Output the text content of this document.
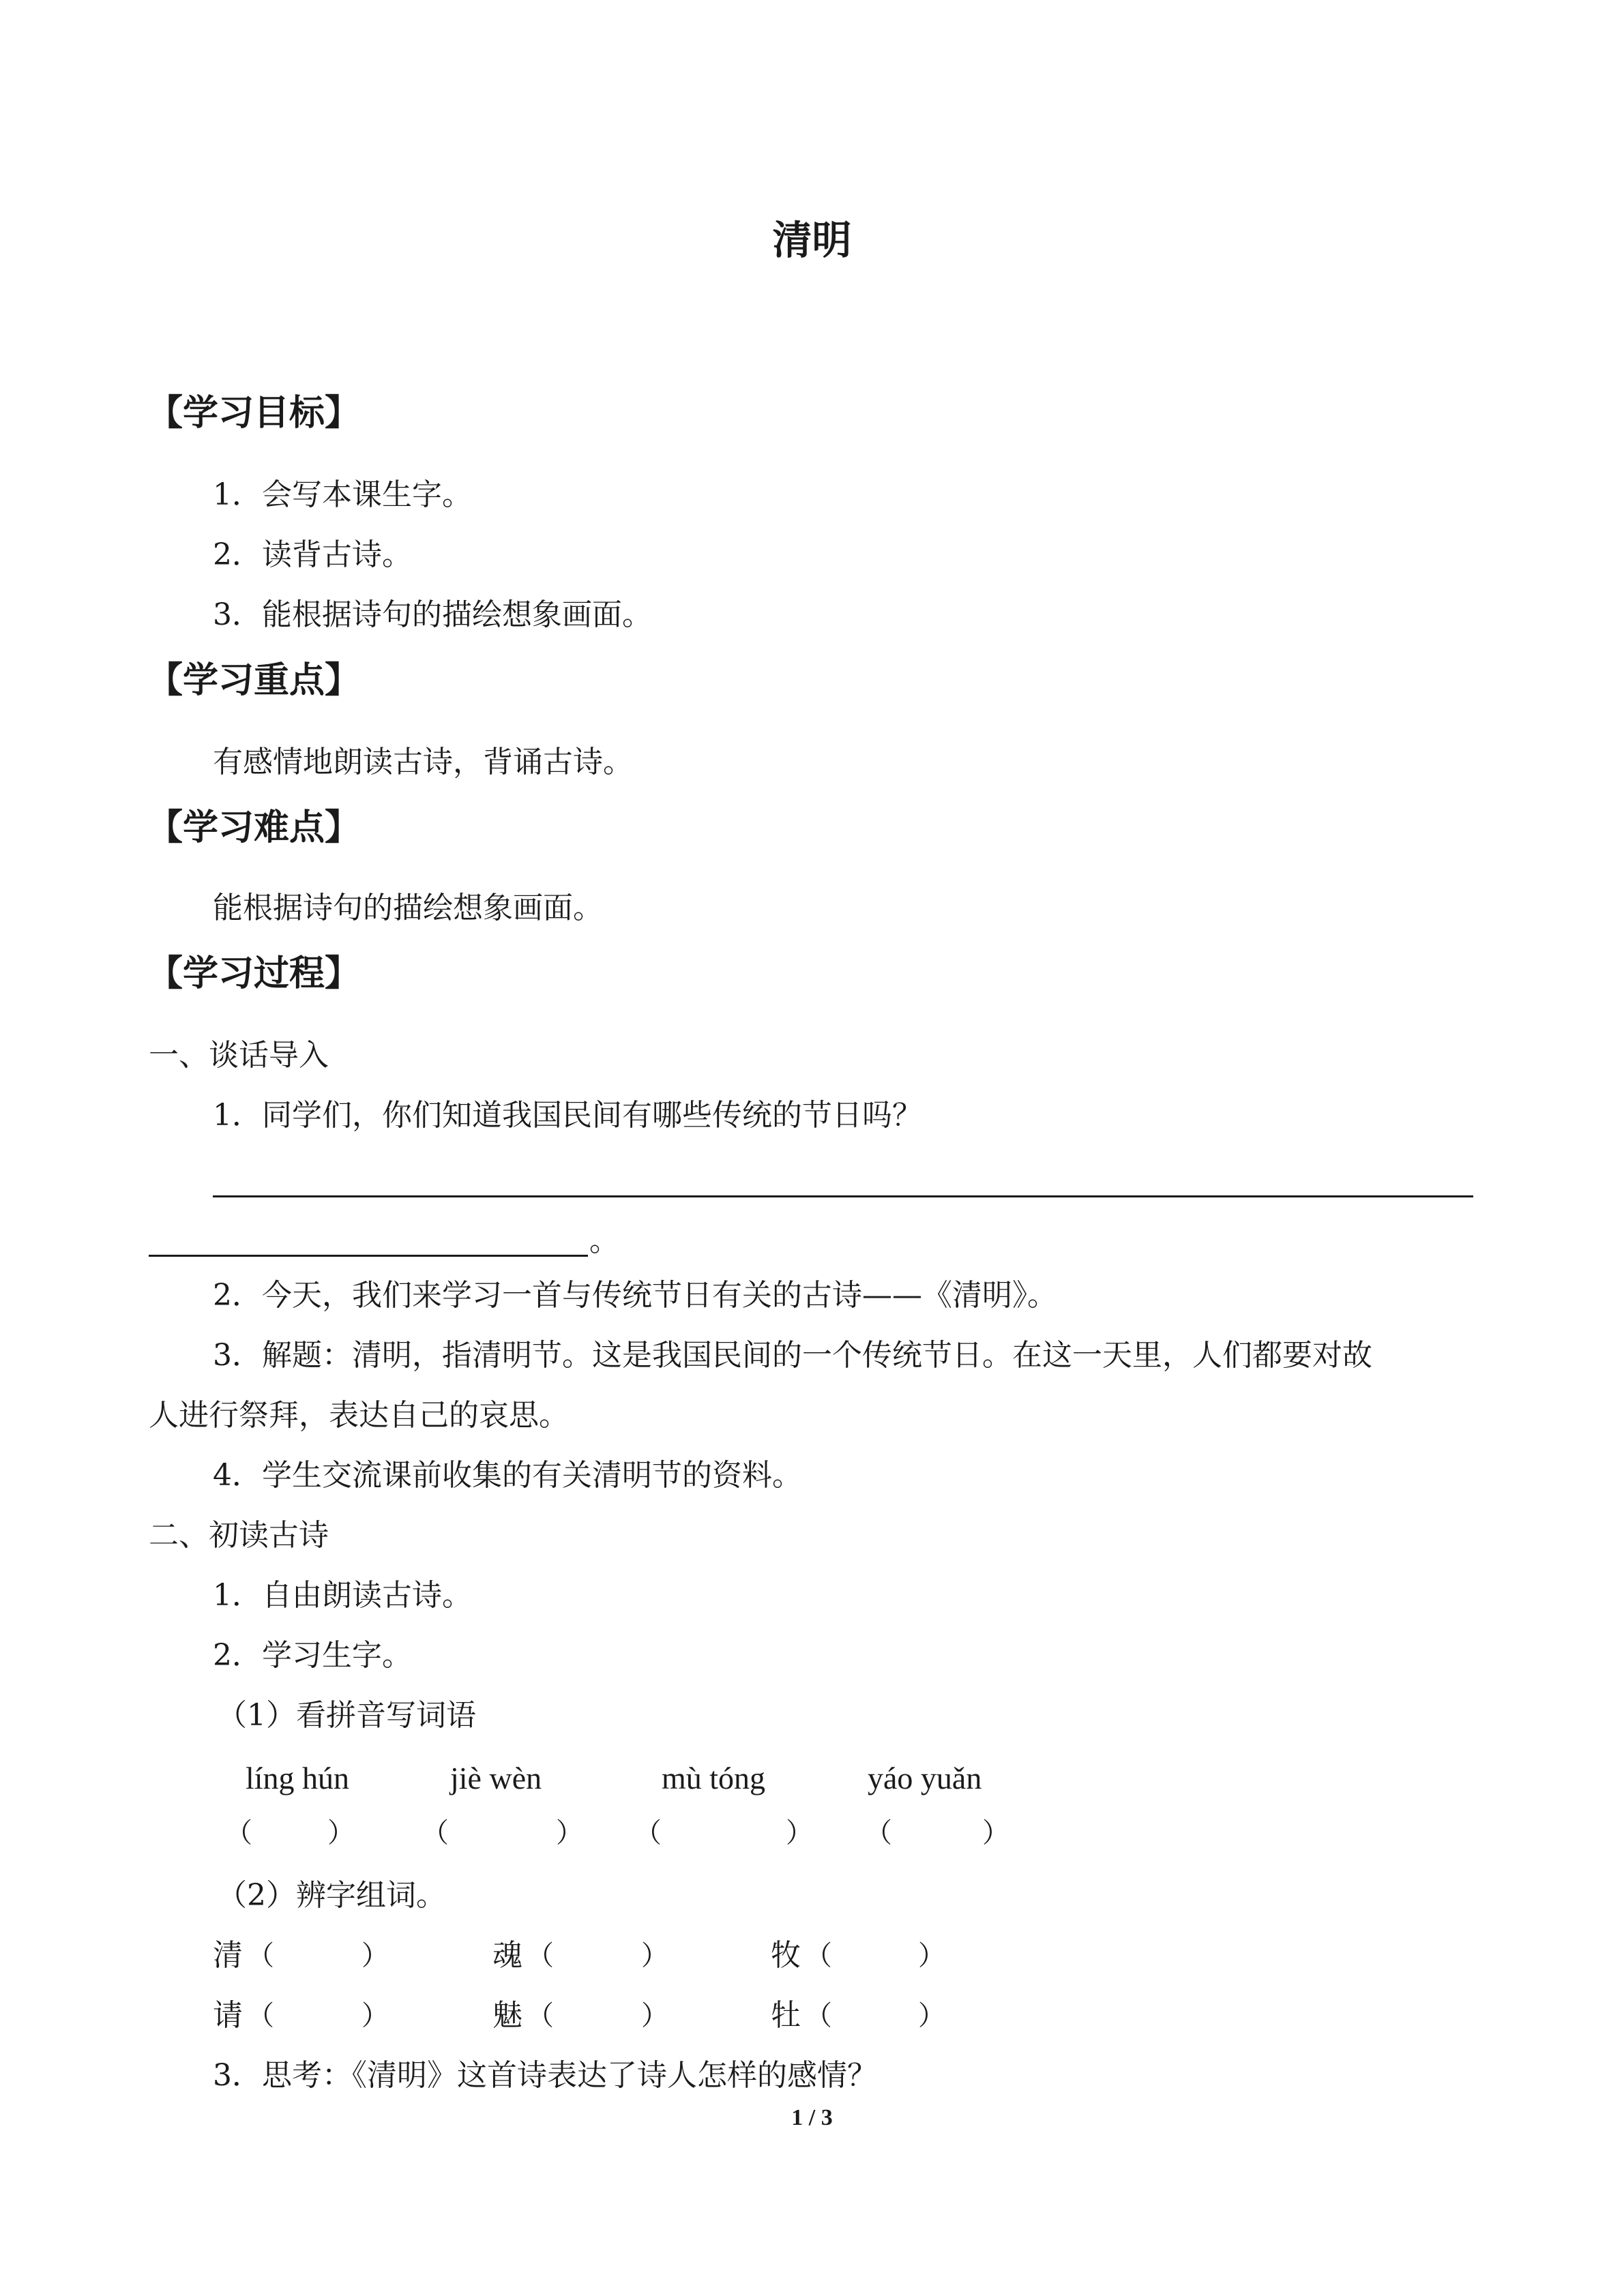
清明
【学习目标】
1．会写本课生字。
2．读背古诗。
3．能根据诗句的描绘想象画面。
【学习重点】
有感情地朗读古诗，背诵古诗。
【学习难点】
能根据诗句的描绘想象画面。
【学习过程】
一、谈话导入
1．同学们，你们知道我国民间有哪些传统的节日吗？
。
2．今天，我们来学习一首与传统节日有关的古诗——《清明》。
3．解题：清明，指清明节。这是我国民间的一个传统节日。在这一天里，人们都要对故
人进行祭拜，表达自己的哀思。
4．学生交流课前收集的有关清明节的资料。
二、初读古诗
1．自由朗读古诗。
2．学习生字。
（1）看拼音写词语
líng hún	jiè wèn	mù tóng	yáo yuǎn
（	） （	） （	） （	）
（2）辨字组词。
清 （	）	魂 （	）	牧 （	）
请 （	）	魅 （	）	牡 （	）
3．思考：《清明》这首诗表达了诗人怎样的感情？
1 / 3
